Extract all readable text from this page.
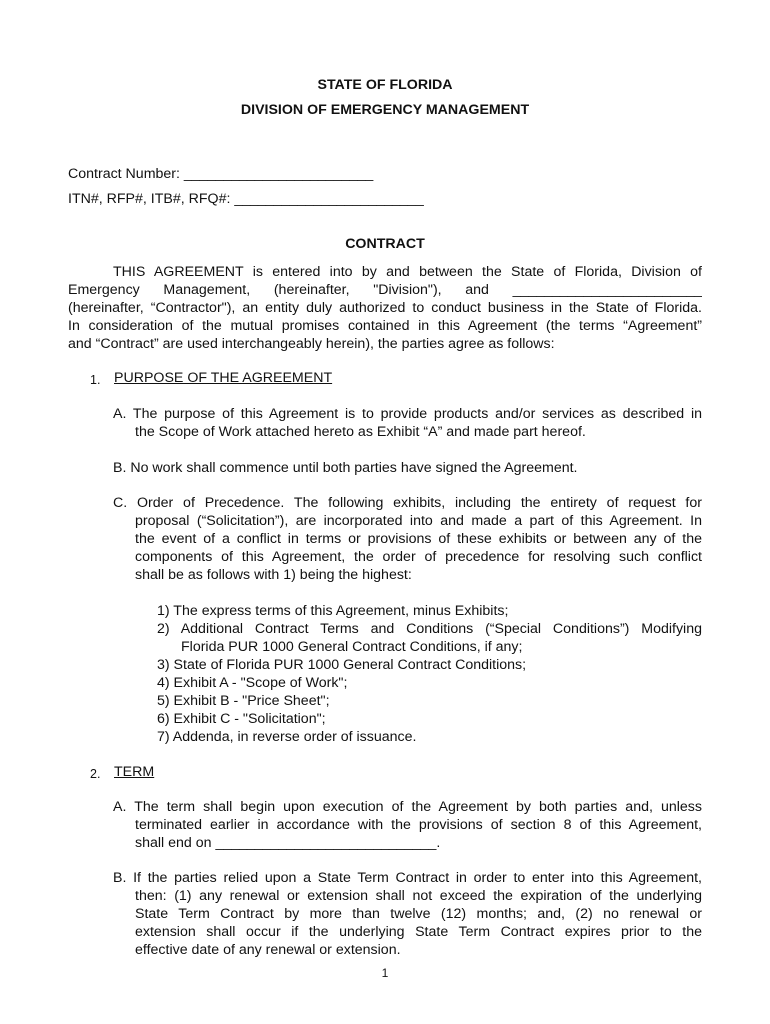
STATE OF FLORIDA
DIVISION OF EMERGENCY MANAGEMENT
Contract Number: ________________________
ITN#, RFP#, ITB#, RFQ#: ________________________
CONTRACT
THIS AGREEMENT is entered into by and between the State of Florida, Division of
Emergency Management, (hereinafter, "Division"), and ________________________
(hereinafter, “Contractor"), an entity duly authorized to conduct business in the State of Florida.
In consideration of the mutual promises contained in this Agreement (the terms “Agreement”
and “Contract” are used interchangeably herein), the parties agree as follows:
1. PURPOSE OF THE AGREEMENT
A. The purpose of this Agreement is to provide products and/or services as described in
the Scope of Work attached hereto as Exhibit “A” and made part hereof.
B. No work shall commence until both parties have signed the Agreement.
C. Order of Precedence. The following exhibits, including the entirety of request for
proposal (“Solicitation”), are incorporated into and made a part of this Agreement. In
the event of a conflict in terms or provisions of these exhibits or between any of the
components of this Agreement, the order of precedence for resolving such conflict
shall be as follows with 1) being the highest:
1) The express terms of this Agreement, minus Exhibits;
2) Additional Contract Terms and Conditions (“Special Conditions”) Modifying
Florida PUR 1000 General Contract Conditions, if any;
3) State of Florida PUR 1000 General Contract Conditions;
4) Exhibit A - "Scope of Work";
5) Exhibit B - "Price Sheet";
6) Exhibit C - "Solicitation";
7) Addenda, in reverse order of issuance.
2. TERM
A. The term shall begin upon execution of the Agreement by both parties and, unless
terminated earlier in accordance with the provisions of section 8 of this Agreement,
shall end on ____________________________.
B. If the parties relied upon a State Term Contract in order to enter into this Agreement,
then: (1) any renewal or extension shall not exceed the expiration of the underlying
State Term Contract by more than twelve (12) months; and, (2) no renewal or
extension shall occur if the underlying State Term Contract expires prior to the
effective date of any renewal or extension.
1
